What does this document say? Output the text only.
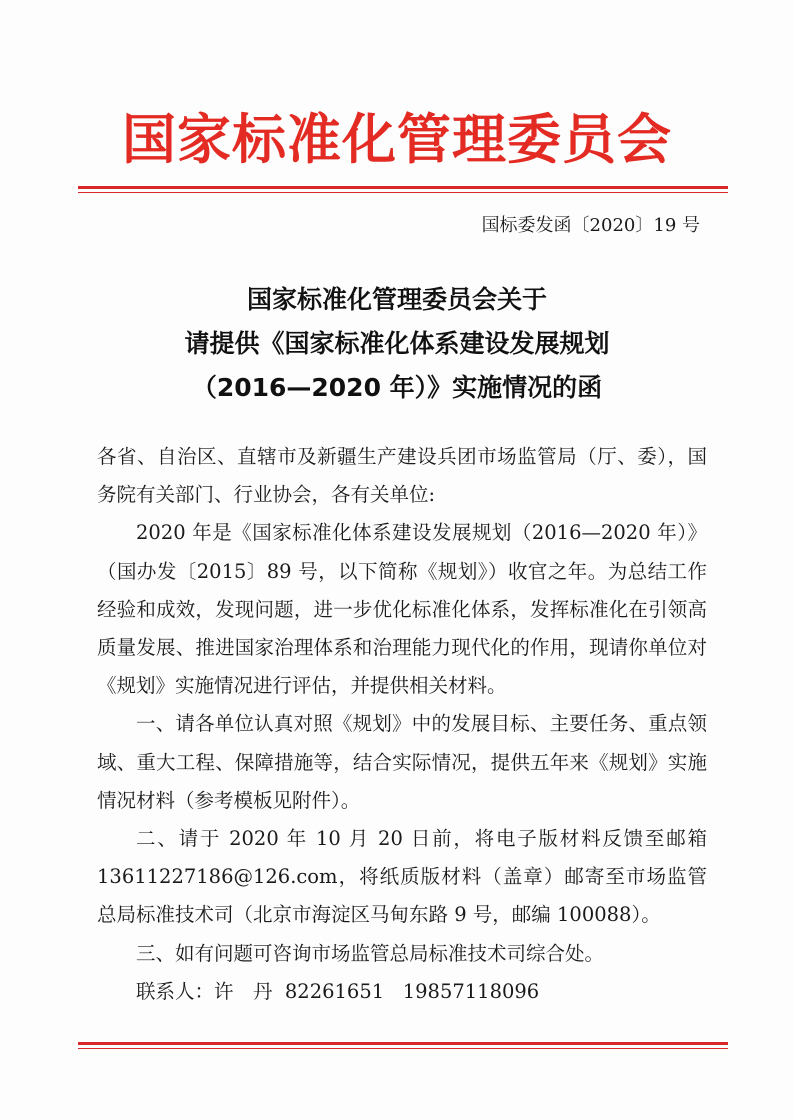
国家标准化管理委员会
国标委发函〔2020〕19 号
国家标准化管理委员会关于
请提供《国家标准化体系建设发展规划
（2016—2020 年）》实施情况的函

各省、自治区、直辖市及新疆生产建设兵团市场监管局（厅、委），国务院有关部门、行业协会，各有关单位:

2020 年是《国家标准化体系建设发展规划（2016—2020 年）》（国办发〔2015〕89 号，以下简称《规划》）收官之年。为总结工作经验和成效，发现问题，进一步优化标准化体系，发挥标准化在引领高质量发展、推进国家治理体系和治理能力现代化的作用，现请你单位对《规划》实施情况进行评估，并提供相关材料。

一、请各单位认真对照《规划》中的发展目标、主要任务、重点领域、重大工程、保障措施等，结合实际情况，提供五年来《规划》实施情况材料（参考模板见附件）。

二、请于 2020 年 10 月 20 日前，将电子版材料反馈至邮箱13611227186@126.com，将纸质版材料（盖章）邮寄至市场监管总局标准技术司（北京市海淀区马甸东路 9 号，邮编 100088）。

三、如有问题可咨询市场监管总局标准技术司综合处。

联系人：许　丹  82261651   19857118096
